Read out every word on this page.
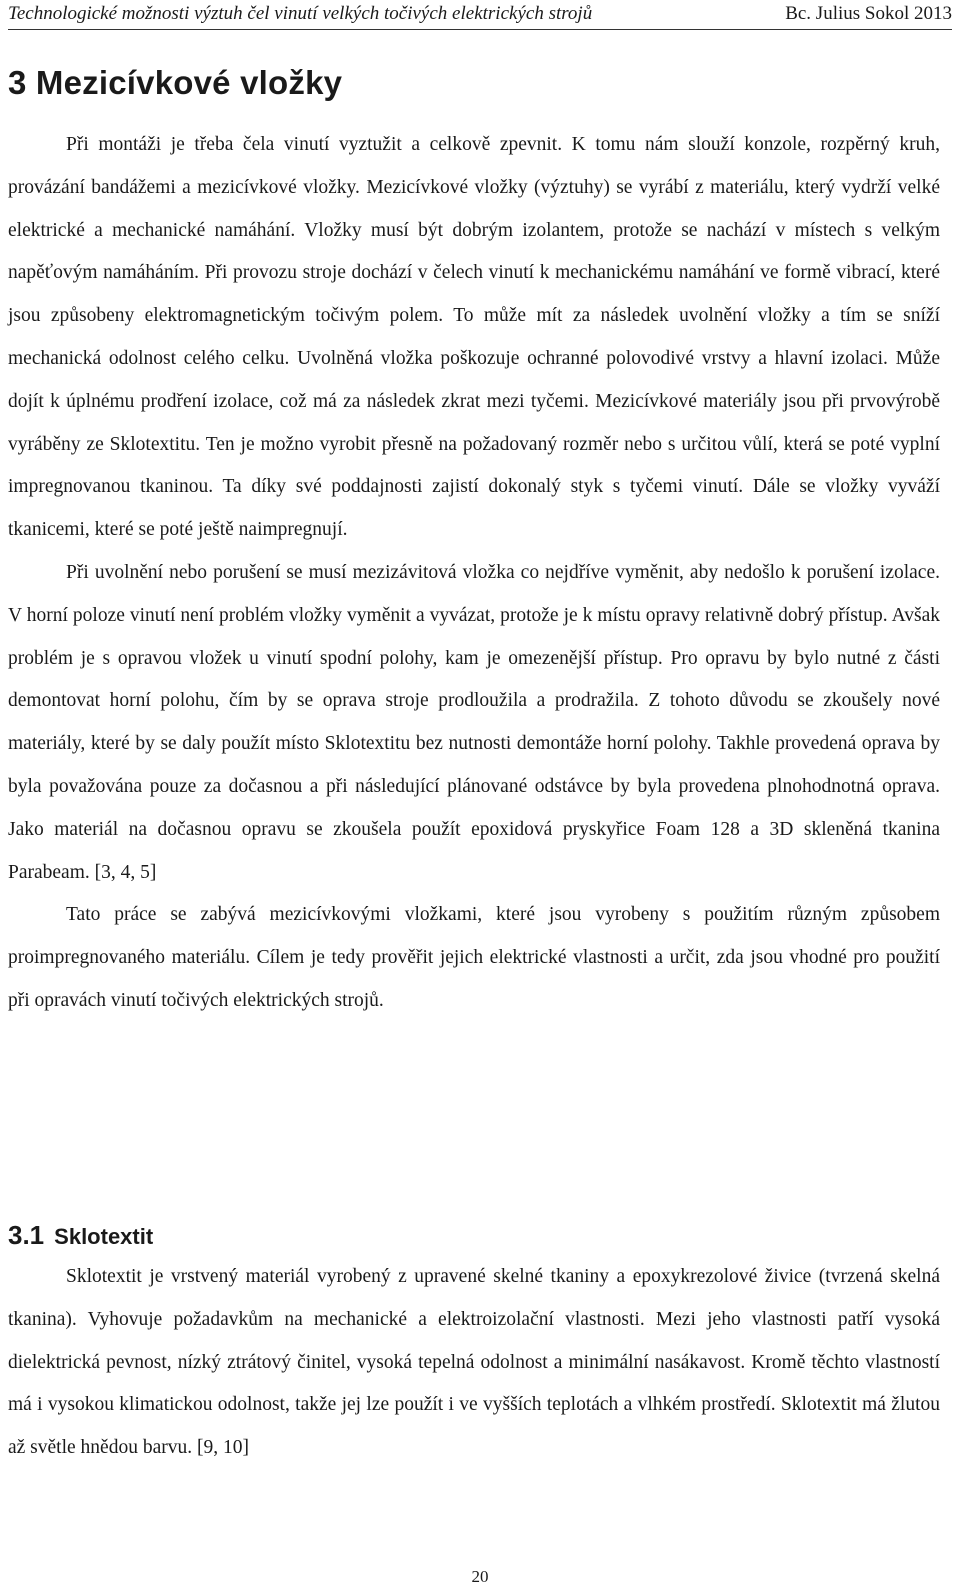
Technologické možnosti výztuh čel vinutí velkých točivých elektrických strojů	Bc. Julius Sokol 2013
3 Mezicívkové vložky

Při montáži je třeba čela vinutí vyztužit a celkově zpevnit. K tomu nám slouží konzole, rozpěrný kruh, provázání bandážemi a mezicívkové vložky. Mezicívkové vložky (výztuhy) se vyrábí z materiálu, který vydrží velké elektrické a mechanické namáhání. Vložky musí být dobrým izolantem, protože se nachází v místech s velkým napěťovým namáháním. Při provozu stroje dochází v čelech vinutí k mechanickému namáhání ve formě vibrací, které jsou způsobeny elektromagnetickým točivým polem. To může mít za následek uvolnění vložky a tím se sníží mechanická odolnost celého celku. Uvolněná vložka poškozuje ochranné polovodivé vrstvy a hlavní izolaci. Může dojít k úplnému prodření izolace, což má za následek zkrat mezi tyčemi. Mezicívkové materiály jsou při prvovýrobě vyráběny ze Sklotextitu. Ten je možno vyrobit přesně na požadovaný rozměr nebo s určitou vůlí, která se poté vyplní impregnovanou tkaninou. Ta díky své poddajnosti zajistí dokonalý styk s tyčemi vinutí. Dále se vložky vyváží tkanicemi, které se poté ještě naimpregnují.

Při uvolnění nebo porušení se musí mezizávitová vložka co nejdříve vyměnit, aby nedošlo k porušení izolace. V horní poloze vinutí není problém vložky vyměnit a vyvázat, protože je k místu opravy relativně dobrý přístup. Avšak problém je s opravou vložek u vinutí spodní polohy, kam je omezenější přístup. Pro opravu by bylo nutné z části demontovat horní polohu, čím by se oprava stroje prodloužila a prodražila. Z tohoto důvodu se zkoušely nové materiály, které by se daly použít místo Sklotextitu bez nutnosti demontáže horní polohy. Takhle provedená oprava by byla považována pouze za dočasnou a při následující plánované odstávce by byla provedena plnohodnotná oprava. Jako materiál na dočasnou opravu se zkoušela použít epoxidová pryskyřice Foam 128 a 3D skleněná tkanina Parabeam. [3, 4, 5]

Tato práce se zabývá mezicívkovými vložkami, které jsou vyrobeny s použitím různým způsobem proimpregnovaného materiálu. Cílem je tedy prověřit jejich elektrické vlastnosti a určit, zda jsou vhodné pro použití při opravách vinutí točivých elektrických strojů.

3.1 Sklotextit

Sklotextit je vrstvený materiál vyrobený z upravené skelné tkaniny a epoxykrezolové živice (tvrzená skelná tkanina). Vyhovuje požadavkům na mechanické a elektroizolační vlastnosti. Mezi jeho vlastnosti patří vysoká dielektrická pevnost, nízký ztrátový činitel, vysoká tepelná odolnost a minimální nasákavost. Kromě těchto vlastností má i vysokou klimatickou odolnost, takže jej lze použít i ve vyšších teplotách a vlhkém prostředí. Sklotextit má žlutou až světle hnědou barvu. [9, 10]

20
